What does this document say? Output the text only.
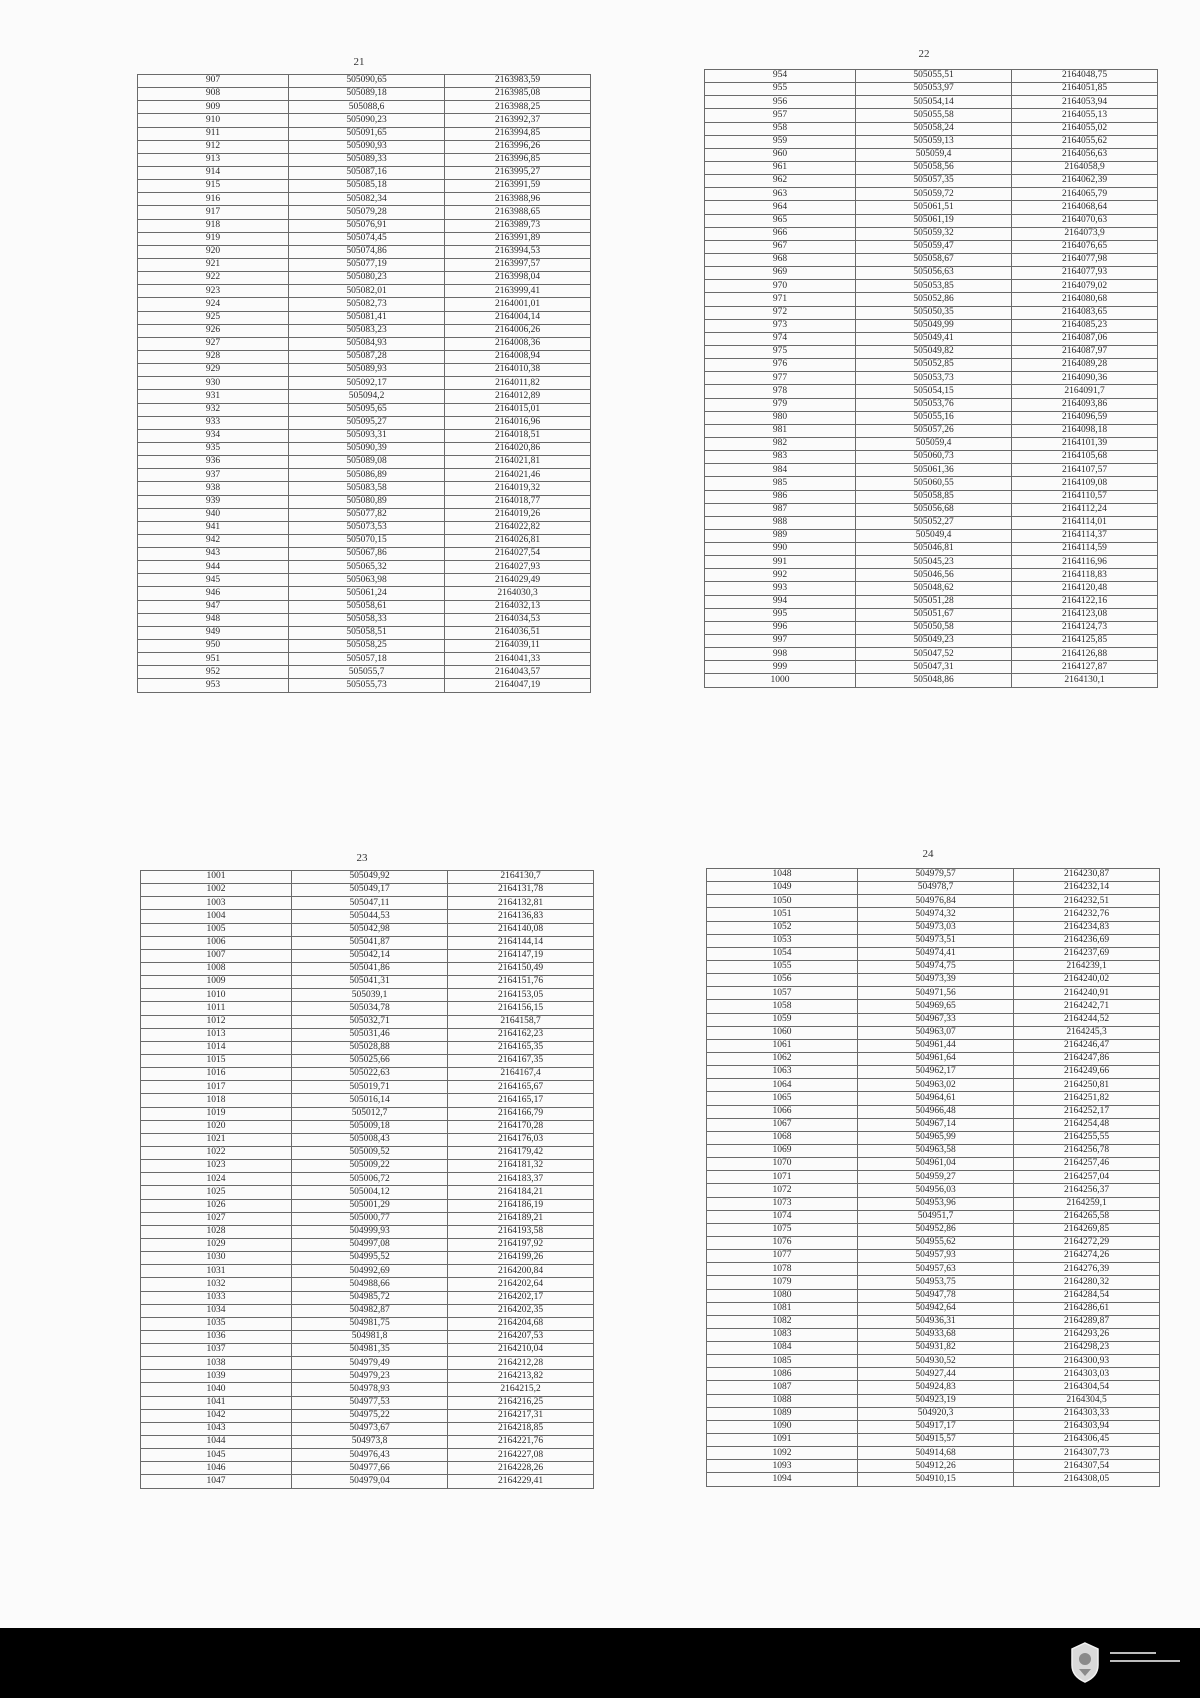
21
22
23	24
907	505090,65	2163983,59
908	505089,18	2163985,08
909	505088,6	2163988,25
910	505090,23	2163992,37
911	505091,65	2163994,85
912	505090,93	2163996,26
913	505089,33	2163996,85
914	505087,16	2163995,27
915	505085,18	2163991,59
916	505082,34	2163988,96
917	505079,28	2163988,65
918	505076,91	2163989,73
919	505074,45	2163991,89
920	505074,86	2163994,53
921	505077,19	2163997,57
922	505080,23	2163998,04
923	505082,01	2163999,41
924	505082,73	2164001,01
925	505081,41	2164004,14
926	505083,23	2164006,26
927	505084,93	2164008,36
928	505087,28	2164008,94
929	505089,93	2164010,38
930	505092,17	2164011,82
931	505094,2	2164012,89
932	505095,65	2164015,01
933	505095,27	2164016,96
934	505093,31	2164018,51
935	505090,39	2164020,86
936	505089,08	2164021,81
937	505086,89	2164021,46
938	505083,58	2164019,32
939	505080,89	2164018,77
940	505077,82	2164019,26
941	505073,53	2164022,82
942	505070,15	2164026,81
943	505067,86	2164027,54
944	505065,32	2164027,93
945	505063,98	2164029,49
946	505061,24	2164030,3
947	505058,61	2164032,13
948	505058,33	2164034,53
949	505058,51	2164036,51
950	505058,25	2164039,11
951	505057,18	2164041,33
952	505055,7	2164043,57
953	505055,73	2164047,19
954	505055,51	2164048,75
955	505053,97	2164051,85
956	505054,14	2164053,94
957	505055,58	2164055,13
958	505058,24	2164055,02
959	505059,13	2164055,62
960	505059,4	2164056,63
961	505058,56	2164058,9
962	505057,35	2164062,39
963	505059,72	2164065,79
964	505061,51	2164068,64
965	505061,19	2164070,63
966	505059,32	2164073,9
967	505059,47	2164076,65
968	505058,67	2164077,98
969	505056,63	2164077,93
970	505053,85	2164079,02
971	505052,86	2164080,68
972	505050,35	2164083,65
973	505049,99	2164085,23
974	505049,41	2164087,06
975	505049,82	2164087,97
976	505052,85	2164089,28
977	505053,73	2164090,36
978	505054,15	2164091,7
979	505053,76	2164093,86
980	505055,16	2164096,59
981	505057,26	2164098,18
982	505059,4	2164101,39
983	505060,73	2164105,68
984	505061,36	2164107,57
985	505060,55	2164109,08
986	505058,85	2164110,57
987	505056,68	2164112,24
988	505052,27	2164114,01
989	505049,4	2164114,37
990	505046,81	2164114,59
991	505045,23	2164116,96
992	505046,56	2164118,83
993	505048,62	2164120,48
994	505051,28	2164122,16
995	505051,67	2164123,08
996	505050,58	2164124,73
997	505049,23	2164125,85
998	505047,52	2164126,88
999	505047,31	2164127,87
1000	505048,86	2164130,1
1001	505049,92	2164130,7
1002	505049,17	2164131,78
1003	505047,11	2164132,81
1004	505044,53	2164136,83
1005	505042,98	2164140,08
1006	505041,87	2164144,14
1007	505042,14	2164147,19
1008	505041,86	2164150,49
1009	505041,31	2164151,76
1010	505039,1	2164153,05
1011	505034,78	2164156,15
1012	505032,71	2164158,7
1013	505031,46	2164162,23
1014	505028,88	2164165,35
1015	505025,66	2164167,35
1016	505022,63	2164167,4
1017	505019,71	2164165,67
1018	505016,14	2164165,17
1019	505012,7	2164166,79
1020	505009,18	2164170,28
1021	505008,43	2164176,03
1022	505009,52	2164179,42
1023	505009,22	2164181,32
1024	505006,72	2164183,37
1025	505004,12	2164184,21
1026	505001,29	2164186,19
1027	505000,77	2164189,21
1028	504999,93	2164193,58
1029	504997,08	2164197,92
1030	504995,52	2164199,26
1031	504992,69	2164200,84
1032	504988,66	2164202,64
1033	504985,72	2164202,17
1034	504982,87	2164202,35
1035	504981,75	2164204,68
1036	504981,8	2164207,53
1037	504981,35	2164210,04
1038	504979,49	2164212,28
1039	504979,23	2164213,82
1040	504978,93	2164215,2
1041	504977,53	2164216,25
1042	504975,22	2164217,31
1043	504973,67	2164218,85
1044	504973,8	2164221,76
1045	504976,43	2164227,08
1046	504977,66	2164228,26
1047	504979,04	2164229,41
1048	504979,57	2164230,87
1049	504978,7	2164232,14
1050	504976,84	2164232,51
1051	504974,32	2164232,76
1052	504973,03	2164234,83
1053	504973,51	2164236,69
1054	504974,41	2164237,69
1055	504974,75	2164239,1
1056	504973,39	2164240,02
1057	504971,56	2164240,91
1058	504969,65	2164242,71
1059	504967,33	2164244,52
1060	504963,07	2164245,3
1061	504961,44	2164246,47
1062	504961,64	2164247,86
1063	504962,17	2164249,66
1064	504963,02	2164250,81
1065	504964,61	2164251,82
1066	504966,48	2164252,17
1067	504967,14	2164254,48
1068	504965,99	2164255,55
1069	504963,58	2164256,78
1070	504961,04	2164257,46
1071	504959,27	2164257,04
1072	504956,03	2164256,37
1073	504953,96	2164259,1
1074	504951,7	2164265,58
1075	504952,86	2164269,85
1076	504955,62	2164272,29
1077	504957,93	2164274,26
1078	504957,63	2164276,39
1079	504953,75	2164280,32
1080	504947,78	2164284,54
1081	504942,64	2164286,61
1082	504936,31	2164289,87
1083	504933,68	2164293,26
1084	504931,82	2164298,23
1085	504930,52	2164300,93
1086	504927,44	2164303,03
1087	504924,83	2164304,54
1088	504923,19	2164304,5
1089	504920,3	2164303,33
1090	504917,17	2164303,94
1091	504915,57	2164306,45
1092	504914,68	2164307,73
1093	504912,26	2164307,54
1094	504910,15	2164308,05
